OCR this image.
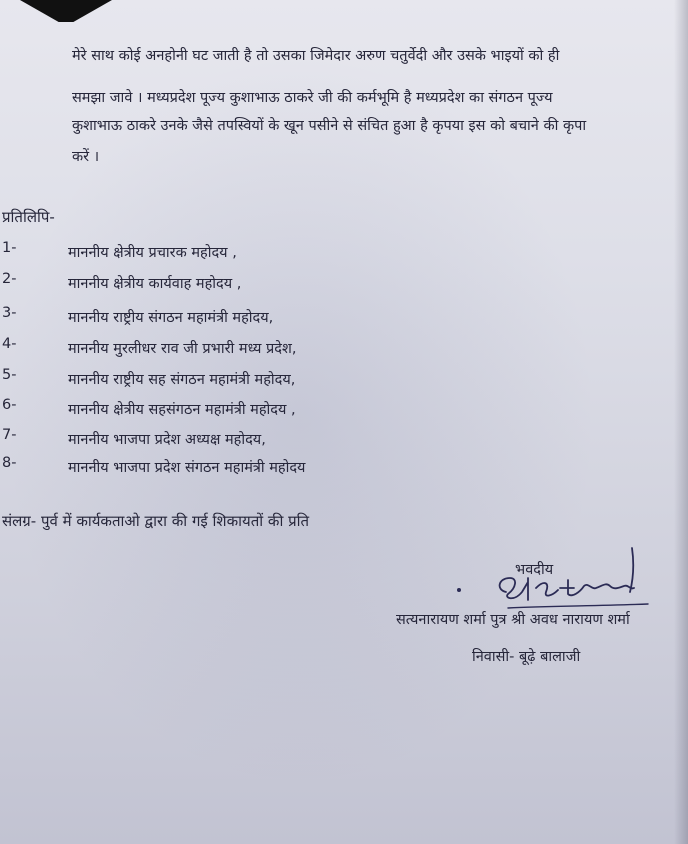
मेरे साथ कोई अनहोनी घट जाती है तो उसका जिमेदार अरुण चतुर्वेदी और उसके भाइयों को ही
समझा जावे । मध्यप्रदेश पूज्य कुशाभाऊ ठाकरे जी की कर्मभूमि है मध्यप्रदेश का संगठन पूज्य
कुशाभाऊ ठाकरे उनके जैसे तपस्वियों के खून पसीने से संचित हुआ है कृपया इस को बचाने की कृपा
करें ।
प्रतिलिपि-
1-	माननीय क्षेत्रीय प्रचारक महोदय ,
2-	माननीय क्षेत्रीय कार्यवाह महोदय ,
3-	माननीय राष्ट्रीय संगठन महामंत्री महोदय,
4-	माननीय मुरलीधर राव जी प्रभारी मध्य प्रदेश,
5-	माननीय राष्ट्रीय सह संगठन महामंत्री महोदय,
6-	माननीय क्षेत्रीय सहसंगठन महामंत्री महोदय ,
7-	माननीय भाजपा प्रदेश अध्यक्ष महोदय,
8-	माननीय भाजपा प्रदेश संगठन महामंत्री महोदय
संलग्र- पुर्व में कार्यकताओ द्वारा की गई शिकायतों की प्रति
भवदीय
सत्यनारायण शर्मा पुत्र श्री अवध नारायण शर्मा
निवासी- बूढ़े बालाजी
